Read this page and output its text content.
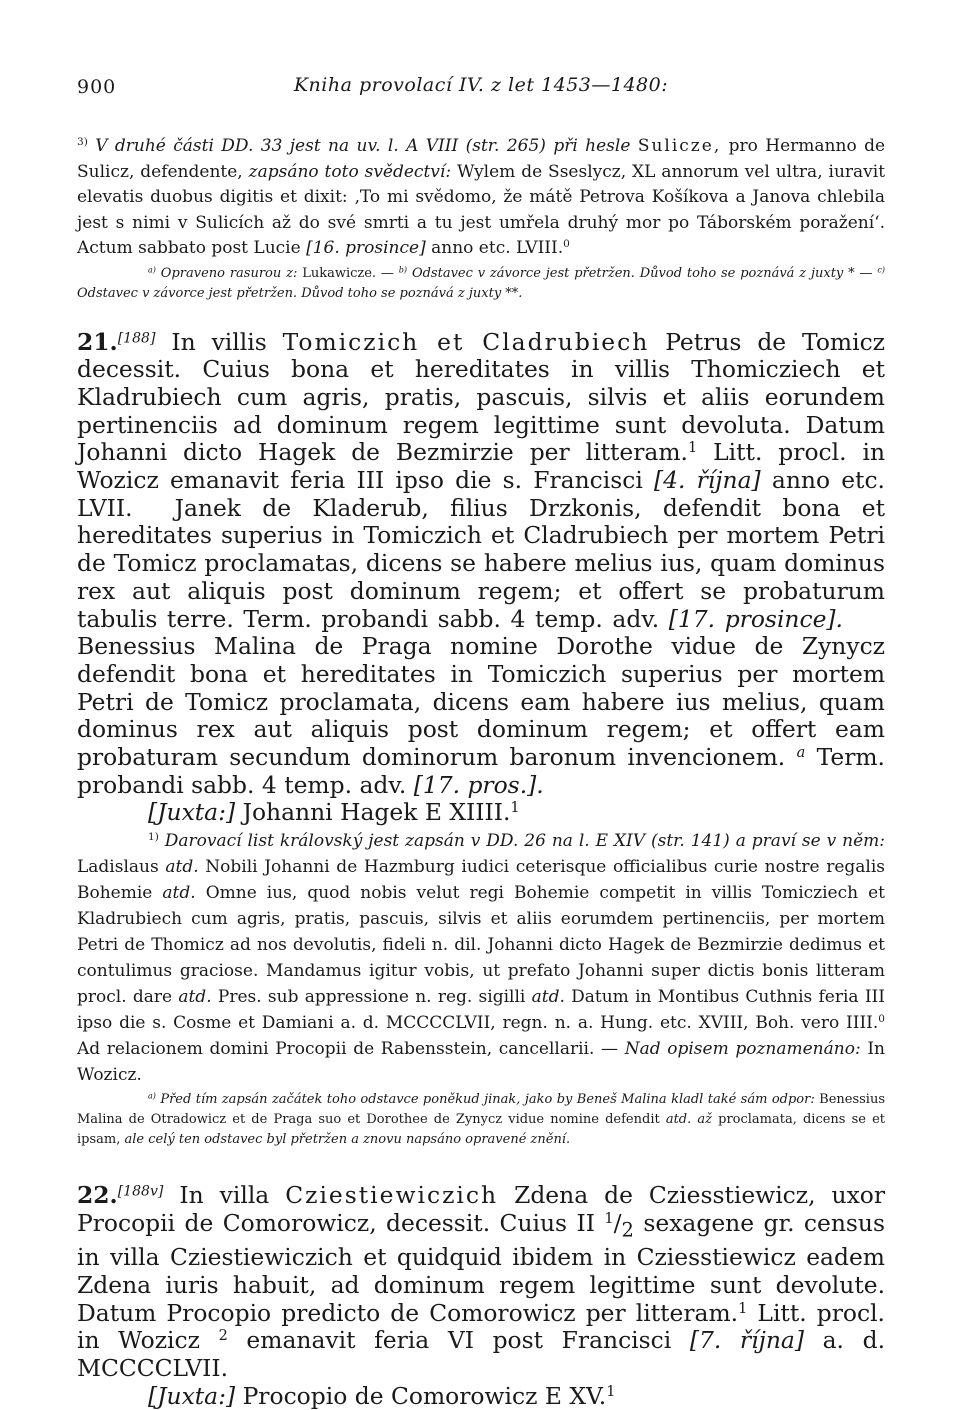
900	Kniha provolací IV. z let 1453—1480:

$^{3)}$ V druhé části DD. 33 jest na uv. l. A VIII (str. 265) při hesle Sulicze, pro Hermanno de Sulicz, defendente, zapsáno toto svědectví: Wylem de Sseslycz, XL annorum vel ultra, iuravit elevatis duobus digitis et dixit: ‚To mi svědomo, že mátě Petrova Košíkova a Janova chlebila jest s nimi v Sulicích až do své smrti a tu jest umřela druhý mor po Táborském poražení‘. Actum sabbato post Lucie [16. prosince] anno etc. LVIII.$^0$

$^{a)}$ Opraveno rasurou z: Lukawicze. — $^{b)}$ Odstavec v závorce jest přetržen. Důvod toho se poznává z juxty * — $^{c)}$ Odstavec v závorce jest přetržen. Důvod toho se poznává z juxty **.

21.[188] In villis Tomiczich et Cladrubiech Petrus de Tomicz decessit. Cuius bona et hereditates in villis Thomicziech et Kladrubiech cum agris, pratis, pascuis, silvis et aliis eorundem pertinenciis ad dominum regem legittime sunt devoluta. Datum Johanni dicto Hagek de Bezmirzie per litteram.$^1$ Litt. procl. in Wozicz emanavit feria III ipso die s. Francisci [4. října] anno etc. LVII. Janek de Kladerub, filius Drzkonis, defendit bona et hereditates superius in Tomiczich et Cladrubiech per mortem Petri de Tomicz proclamatas, dicens se habere melius ius, quam dominus rex aut aliquis post dominum regem; et offert se probaturum tabulis terre. Term. probandi sabb. 4 temp. adv. [17. prosince].Benessius Malina de Praga nomine Dorothe vidue de Zynycz defendit bona et hereditates in Tomiczich superius per mortem Petri de Tomicz proclamata, dicens eam habere ius melius, quam dominus rex aut aliquis post dominum regem; et offert eam probaturam secundum dominorum baronum invencionem. $^a$ Term. probandi sabb. 4 temp. adv. [17. pros.].

[Juxta:] Johanni Hagek E XIIII.$^1$

$^{1)}$ Darovací list královský jest zapsán v DD. 26 na l. E XIV (str. 141) a praví se v něm: Ladislaus atd. Nobili Johanni de Hazmburg iudici ceterisque officialibus curie nostre regalis Bohemie atd. Omne ius, quod nobis velut regi Bohemie competit in villis Tomicziech et Kladrubiech cum agris, pratis, pascuis, silvis et aliis eorumdem pertinenciis, per mortem Petri de Thomicz ad nos devolutis, fideli n. dil. Johanni dicto Hagek de Bezmirzie dedimus et contulimus graciose. Mandamus igitur vobis, ut prefato Johanni super dictis bonis litteram procl. dare atd. Pres. sub appressione n. reg. sigilli atd. Datum in Montibus Cuthnis feria III ipso die s. Cosme et Damiani a. d. MCCCCLVII, regn. n. a. Hung. etc. XVIII, Boh. vero IIII.$^0$ Ad relacionem domini Procopii de Rabensstein, cancellarii. — Nad opisem poznamenáno: In Wozicz.

$^{a)}$ Před tím zapsán začátek toho odstavce poněkud jinak, jako by Beneš Malina kladl také sám odpor: Benessius Malina de Otradowicz et de Praga suo et Dorothee de Zynycz vidue nomine defendit atd. až proclamata, dicens se et ipsam, ale celý ten odstavec byl přetržen a znovu napsáno opravené znění.

22.[188v] In villa Cziestiewiczich Zdena de Cziesstiewicz, uxor Procopii de Comorowicz, decessit. Cuius II $^1/_2$ sexagene gr. census in villa Cziestiewiczich et quidquid ibidem in Cziesstiewicz eadem Zdena iuris habuit, ad dominum regem legittime sunt devolute. Datum Procopio predicto de Comorowicz per litteram.$^1$ Litt. procl. in Wozicz $^2$ emanavit feria VI post Francisci [7. října] a. d. MCCCCLVII.

[Juxta:] Procopio de Comorowicz E XV.$^1$
